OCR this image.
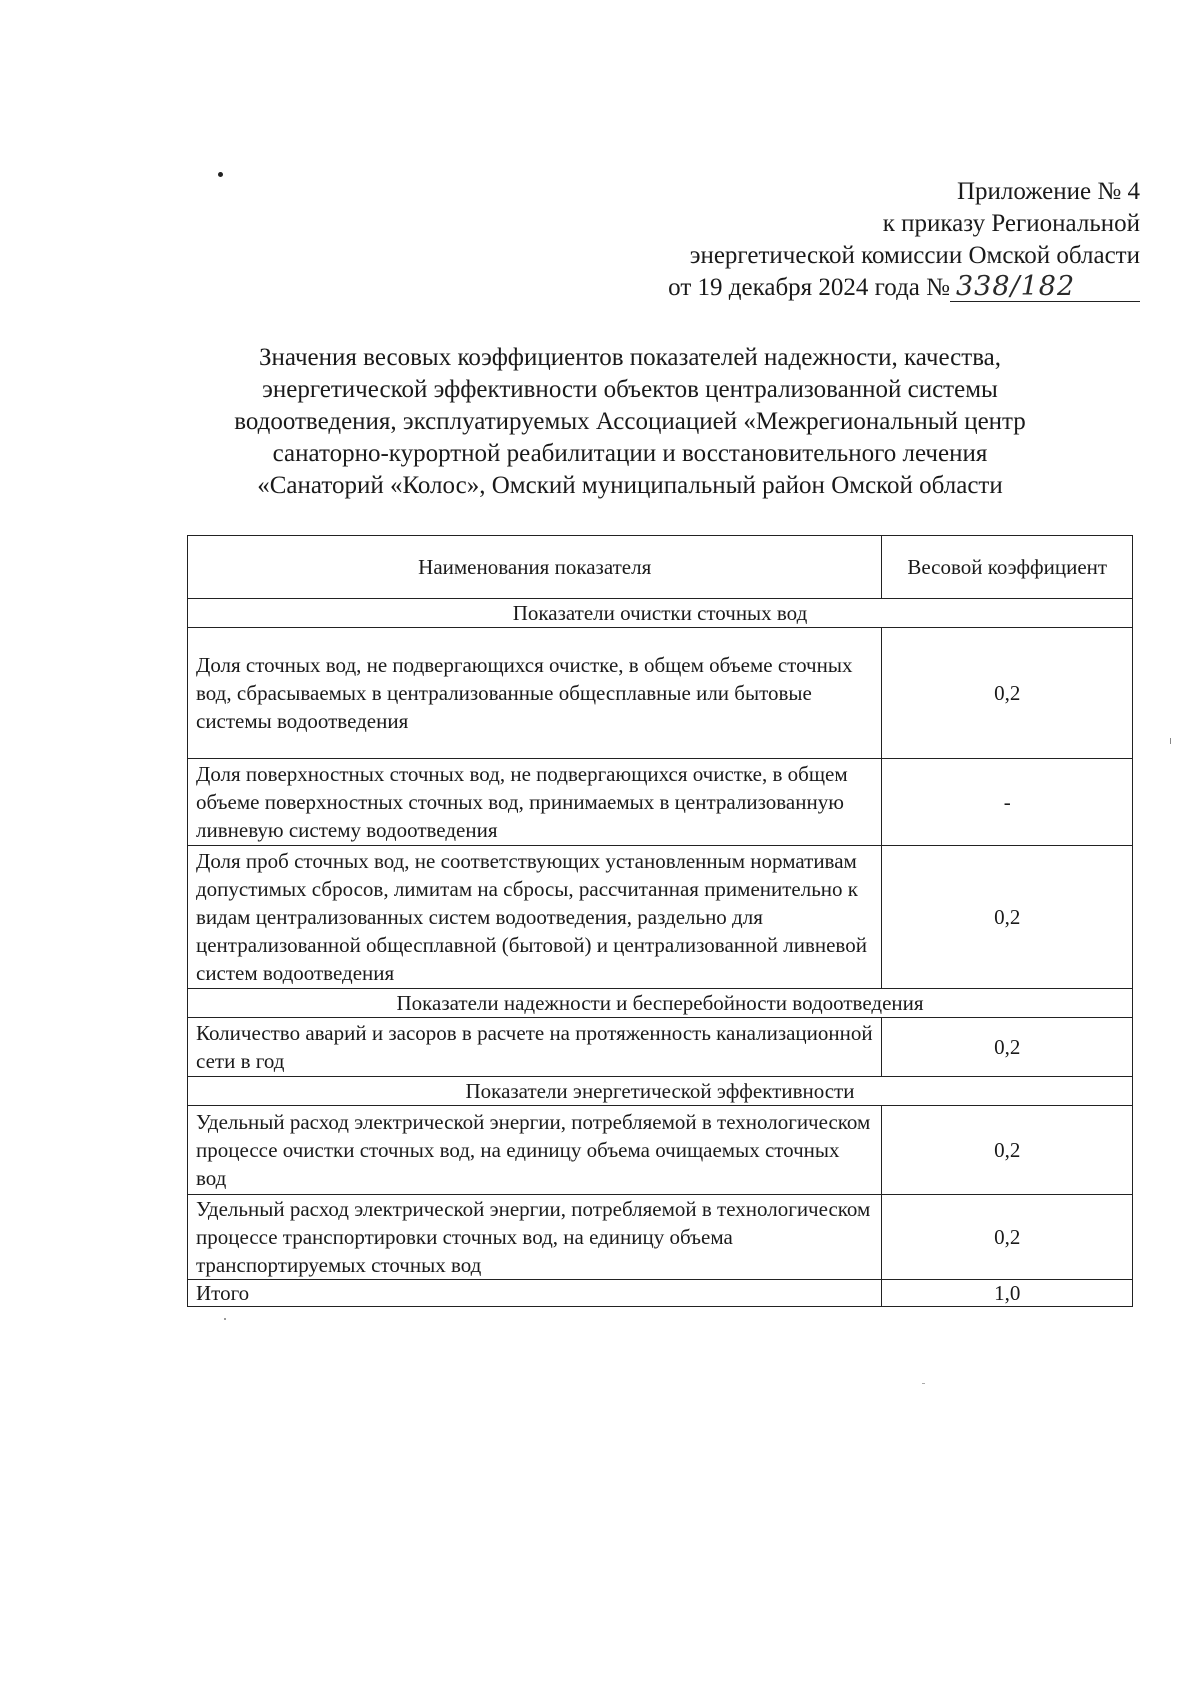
Приложение № 4
к приказу Региональной
энергетической комиссии Омской области
от 19 декабря 2024 года № 338/182
Значения весовых коэффициентов показателей надежности, качества,
энергетической эффективности объектов централизованной системы
водоотведения, эксплуатируемых Ассоциацией «Межрегиональный центр
санаторно-курортной реабилитации и восстановительного лечения
«Санаторий «Колос», Омский муниципальный район Омской области
Наименования показателя	Весовой коэффициент
Показатели очистки сточных вод	
Доля сточных вод, не подвергающихся очистке, в общем объеме сточных вод, сбрасываемых в централизованные общесплавные или бытовые системы водоотведения	0,2
Доля поверхностных сточных вод, не подвергающихся очистке, в общем объеме поверхностных сточных вод, принимаемых в централизованную ливневую систему водоотведения	-
Доля проб сточных вод, не соответствующих установленным нормативам допустимых сбросов, лимитам на сбросы, рассчитанная применительно к видам централизованных систем водоотведения, раздельно для централизованной общесплавной (бытовой) и централизованной ливневой систем водоотведения	0,2
Показатели надежности и бесперебойности водоотведения	
Количество аварий и засоров в расчете на протяженность канализационной сети в год	0,2
Показатели энергетической эффективности	
Удельный расход электрической энергии, потребляемой в технологическом процессе очистки сточных вод, на единицу объема очищаемых сточных вод	0,2
Удельный расход электрической энергии, потребляемой в технологическом процессе транспортировки сточных вод, на единицу объема транспортируемых сточных вод	0,2
Итого	1,0
